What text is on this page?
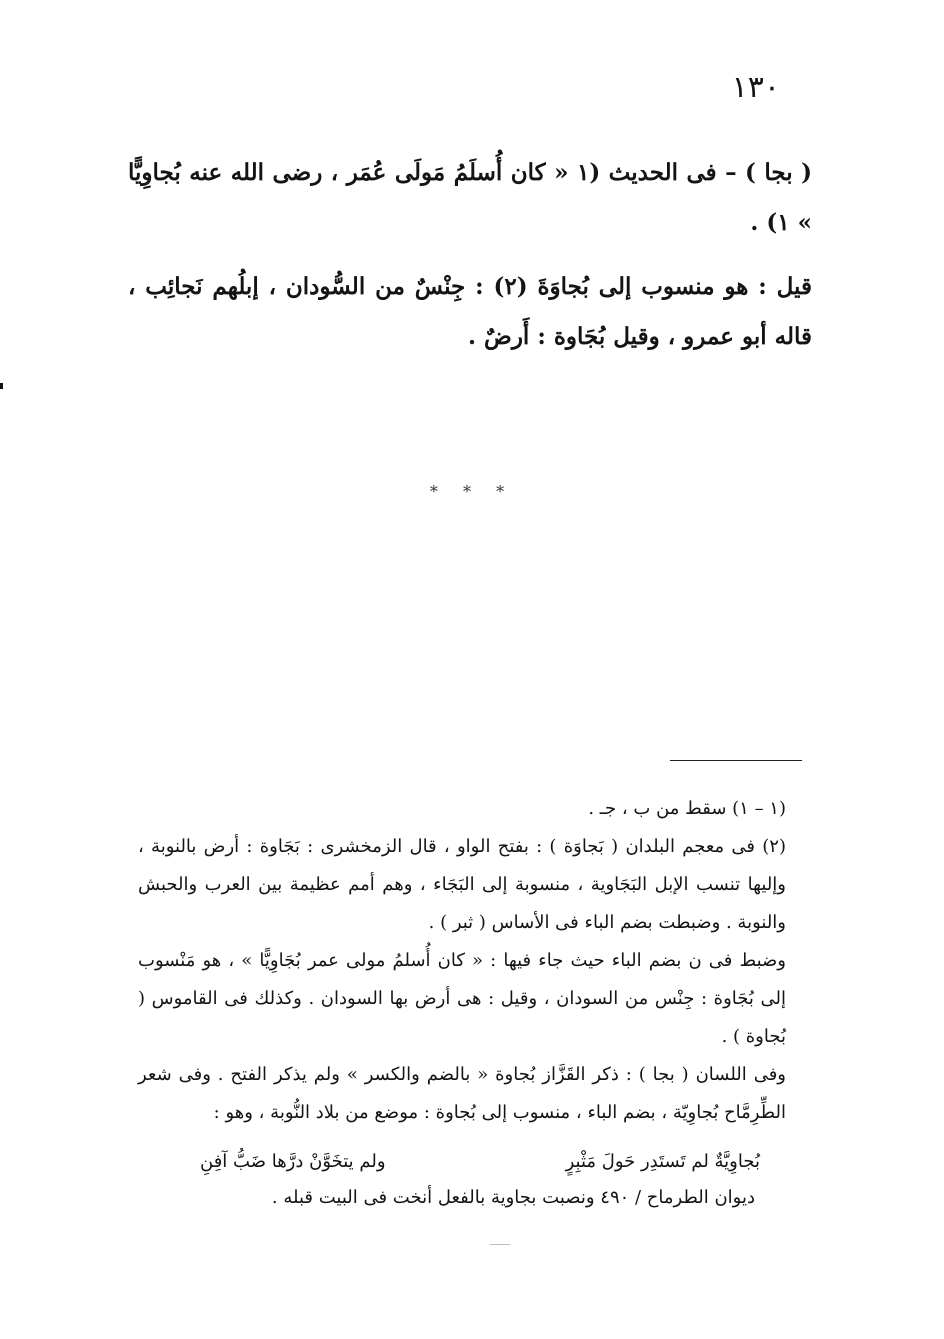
١٣٠

( بجا ) – فى الحديث (١ « كان أُسلَمُ مَولَى عُمَر ، رضى الله عنه بُجاوِيًّا » ١) .

قيل : هو منسوب إلى بُجاوَةَ (٢) : جِنْسٌ من السُّودان ، إبلُهم نَجائِب ، قاله أبو عمرو ، وقيل بُجَاوة : أَرضٌ .

* * *

(١ – ١) سقط من ب ، جـ .

(٢) فى معجم البلدان ( بَجاوَة ) : بفتح الواو ، قال الزمخشرى : بَجَاوة : أرض بالنوبة ، وإليها تنسب الإبل البَجَاوية ، منسوبة إلى البَجَاء ، وهم أمم عظيمة بين العرب والحبش والنوبة . وضبطت بضم الباء فى الأساس ( ثبر ) .

وضبط فى ن بضم الباء حيث جاء فيها : « كان أُسلمُ مولى عمر بُجَاوِيًّا » ، هو مَنْسوب إلى بُجَاوة : جِنْس من السودان ، وقيل : هى أرض بها السودان . وكذلك فى القاموس ( بُجاوة ) .

وفى اللسان ( بجا ) : ذكر القَزَّاز بُجاوة « بالضم والكسر » ولم يذكر الفتح . وفى شعر الطِّرِمَّاح بُجاوِيّة ، بضم الباء ، منسوب إلى بُجاوة : موضع من بلاد النُّوبة ، وهو :

بُجاوِيَّةٌ لم تَستَدِر حَولَ مَثْبِرٍ
ولم يتخَوَّنْ درَّها ضَبُّ آفِنِ
ديوان الطرماح / ٤٩٠ ونصبت بجاوية بالفعل أنخت فى البيت قبله .
